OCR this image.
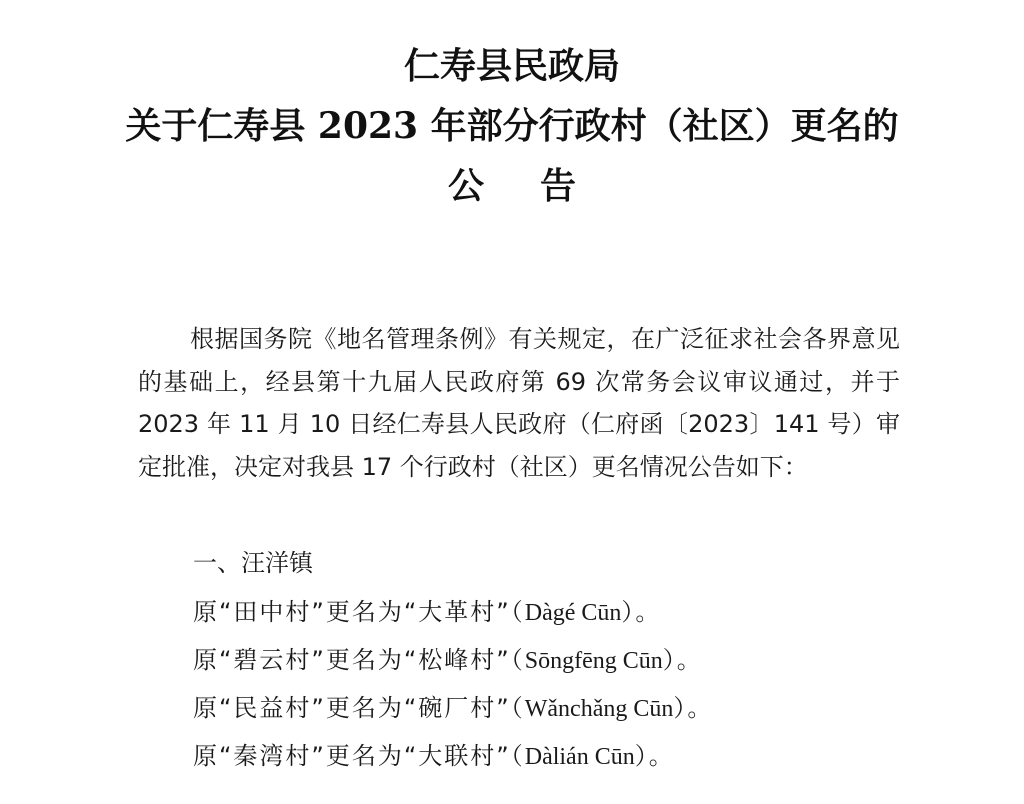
仁寿县民政局
关于仁寿县 2023 年部分行政村（社区）更名的
公告

根据国务院《地名管理条例》有关规定，在广泛征求社会各界意见的基础上，经县第十九届人民政府第 69 次常务会议审议通过，并于 2023 年 11 月 10 日经仁寿县人民政府（仁府函〔2023〕141 号）审定批准，决定对我县 17 个行政村（社区）更名情况公告如下：

一、汪洋镇
原“田中村”更名为“大革村”（Dàgé Cūn）。
原“碧云村”更名为“松峰村”（Sōngfēng Cūn）。
原“民益村”更名为“碗厂村”（Wǎnchǎng Cūn）。
原“秦湾村”更名为“大联村”（Dàlián Cūn）。
